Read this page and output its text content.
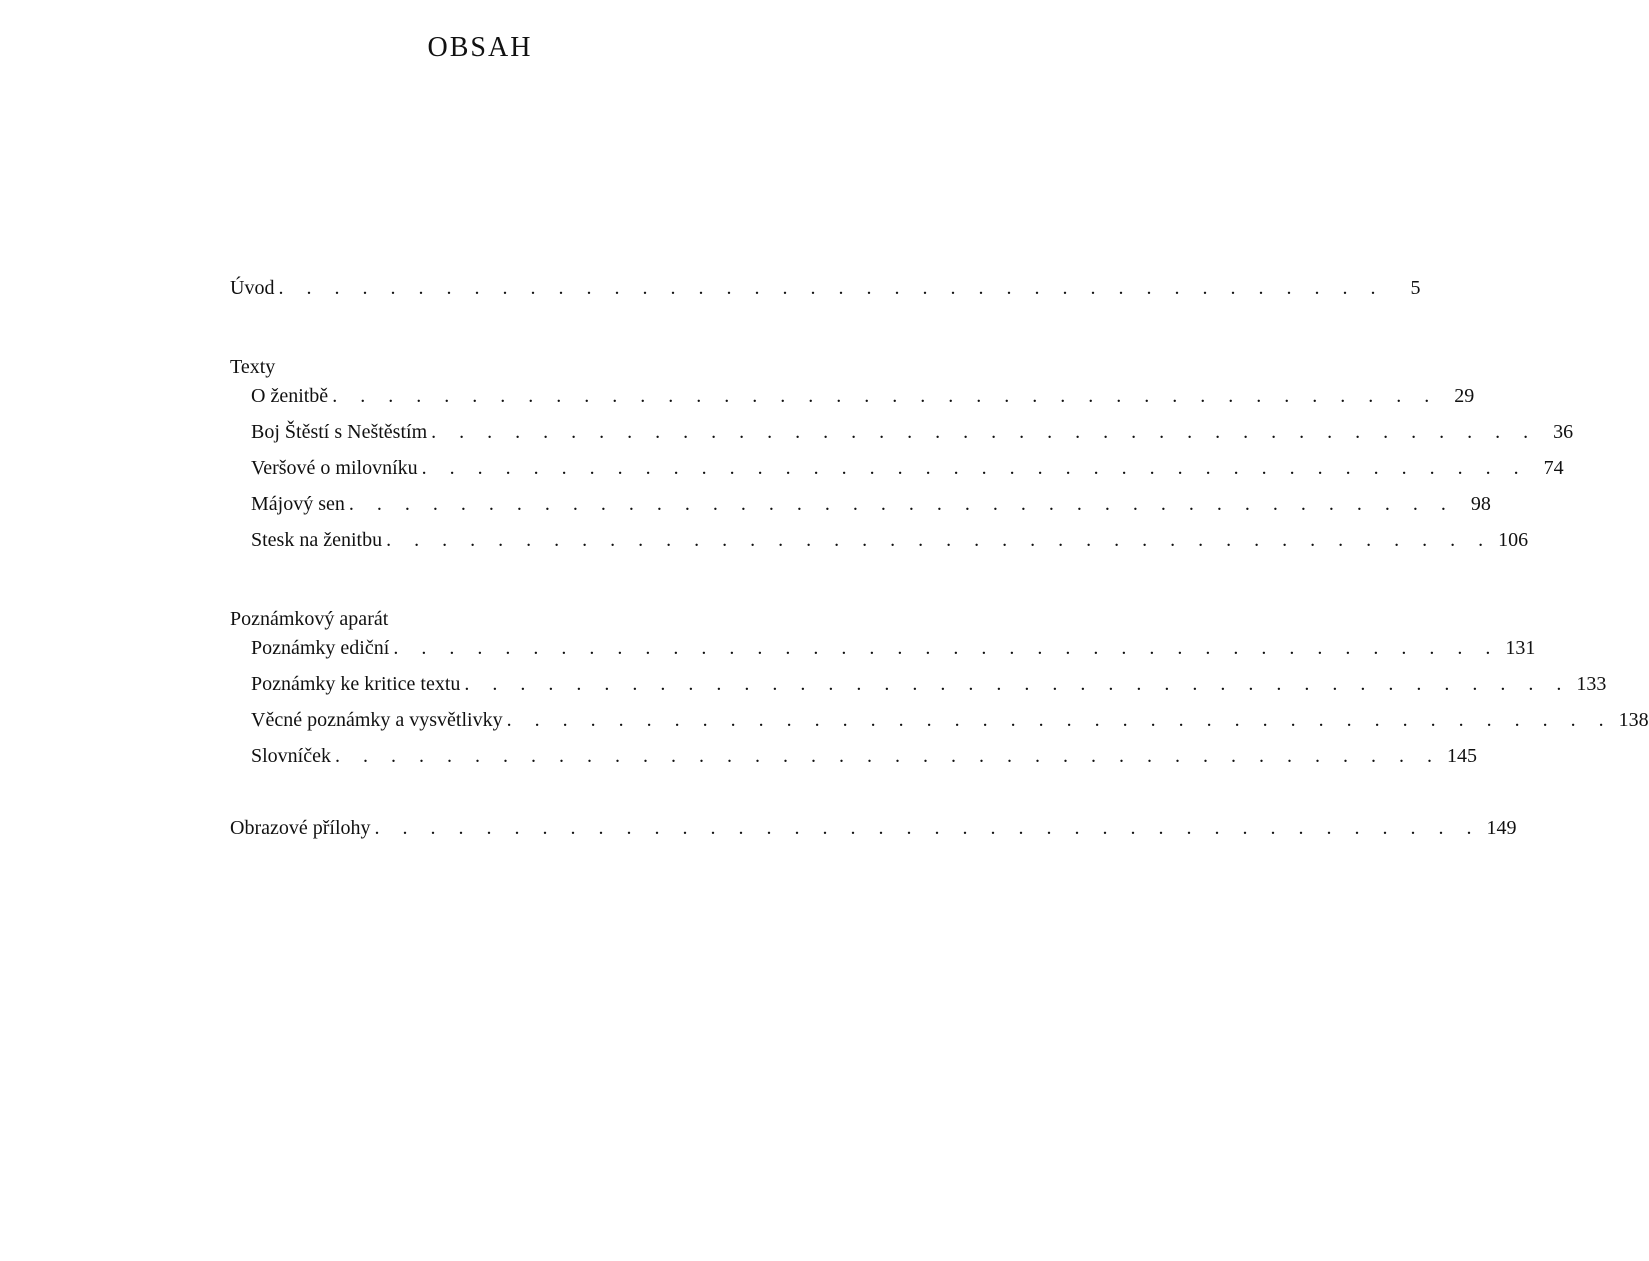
OBSAH
Úvod . . . . . . . . . . . . . . . . . . . . . . . . . . . . . . . . . . . . . . . .	5
Texty
O ženitbě . . . . . . . . . . . . . . . . . . . . . . . . . . . . . . . . . . . . . . . . 29
Boj Štěstí s Neštěstím . . . . . . . . . . . . . . . . . . . . . . . . . . . . . . . . . . . . . . . . 36
Veršové o milovníku . . . . . . . . . . . . . . . . . . . . . . . . . . . . . . . . . . . . . . . . 74
Májový sen . . . . . . . . . . . . . . . . . . . . . . . . . . . . . . . . . . . . . . . . 98
Stesk na ženitbu . . . . . . . . . . . . . . . . . . . . . . . . . . . . . . . . . . . . . . . . 106
Poznámkový aparát
Poznámky ediční . . . . . . . . . . . . . . . . . . . . . . . . . . . . . . . . . . . . . . . . 131
Poznámky ke kritice textu . . . . . . . . . . . . . . . . . . . . . . . . . . . . . . . . . . . . . . . . 133
Věcné poznámky a vysvětlivky . . . . . . . . . . . . . . . . . . . . . . . . . . . . . . . . . . . . . . . . 138
Slovníček . . . . . . . . . . . . . . . . . . . . . . . . . . . . . . . . . . . . . . . . 145
Obrazové přílohy . . . . . . . . . . . . . . . . . . . . . . . . . . . . . . . . . . . . . . . . 149
